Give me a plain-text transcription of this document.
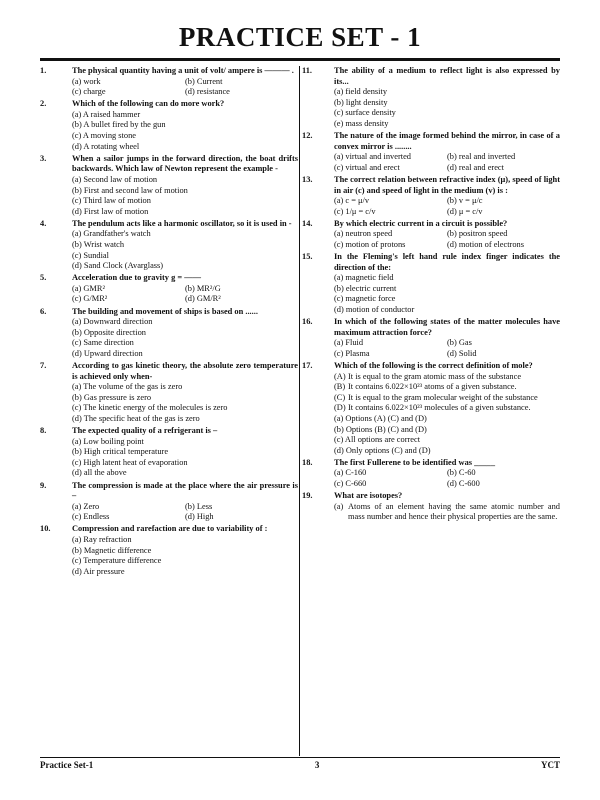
PRACTICE SET - 1
1.	The physical quantity having a unit of volt/ ampere is ——— .
(a) work	(b) Current
(c) charge	(d) resistance
2.	Which of the following can do more work?
(a) A raised hammer
(b) A bullet fired by the gun
(c) A moving stone
(d) A rotating wheel
3.	When a sailor jumps in the forward direction, the boat drifts backwards. Which law of Newton represent the example -
(a) Second law of motion
(b) First and second law of motion
(c) Third law of motion
(d) First law of motion
4.	The pendulum acts like a harmonic oscillator, so it is used in -
(a) Grandfather's watch
(b) Wrist watch
(c) Sundial
(d) Sand Clock (Avarglass)
5.	Acceleration due to gravity g = ——
(a) GMR²	(b) MR²/G
(c) G/MR²	(d) GM/R²
6.	The building and movement of ships is based on ......
(a) Downward direction
(b) Opposite direction
(c) Same direction
(d) Upward direction
7.	According to gas kinetic theory, the absolute zero temperature is achieved only when-
(a) The volume of the gas is zero
(b) Gas pressure is zero
(c) The kinetic energy of the molecules is zero
(d) The specific heat of the gas is zero
8.	The expected quality of a refrigerant is –
(a) Low boiling point
(b) High critical temperature
(c) High latent heat of evaporation
(d) all the above
9.	The compression is made at the place where the air pressure is –
(a) Zero	(b) Less
(c) Endless	(d) High
10.	Compression and rarefaction are due to variability of :
(a) Ray refraction
(b) Magnetic difference
(c) Temperature difference
(d) Air pressure
11.	The ability of a medium to reflect light is also expressed by its...
(a) field density
(b) light density
(c) surface density
(e) mass density
12.	The nature of the image formed behind the mirror, in case of a convex mirror is ........
(a) virtual and inverted	(b) real and inverted
(c) virtual and erect	(d) real and erect
13.	The correct relation between refractive index (μ), speed of light in air (c) and speed of light in the medium (v) is :
(a) c = μ/v	(b) v = μ/c
(c) 1/μ = c/v	(d) μ = c/v
14.	By which electric current in a circuit is possible?
(a) neutron speed	(b) positron speed
(c) motion of protons	(d) motion of electrons
15.	In the Fleming's left hand rule index finger indicates the direction of the:
(a) magnetic field
(b) electric current
(c) magnetic force
(d) motion of conductor
16.	In which of the following states of the matter molecules have maximum attraction force?
(a) Fluid	(b) Gas
(c) Plasma	(d) Solid
17.	Which of the following is the correct definition of mole?
(A) It is equal to the gram atomic mass of the substance
(B) It contains 6.022×10²³ atoms of a given substance.
(C) It is equal to the gram molecular weight of the substance
(D) It contains 6.022×10²³ molecules of a given substance.
(a) Options (A) (C) and (D)
(b) Options (B) (C) and (D)
(c) All options are correct
(d) Only options (C) and (D)
18.	The first Fullerene to be identified was _____
(a) C-160	(b) C-60
(c) C-660	(d) C-600
19.	What are isotopes?
(a) Atoms of an element having the same atomic number and mass number and hence their physical properties are the same.
Practice Set-1	3	YCT
